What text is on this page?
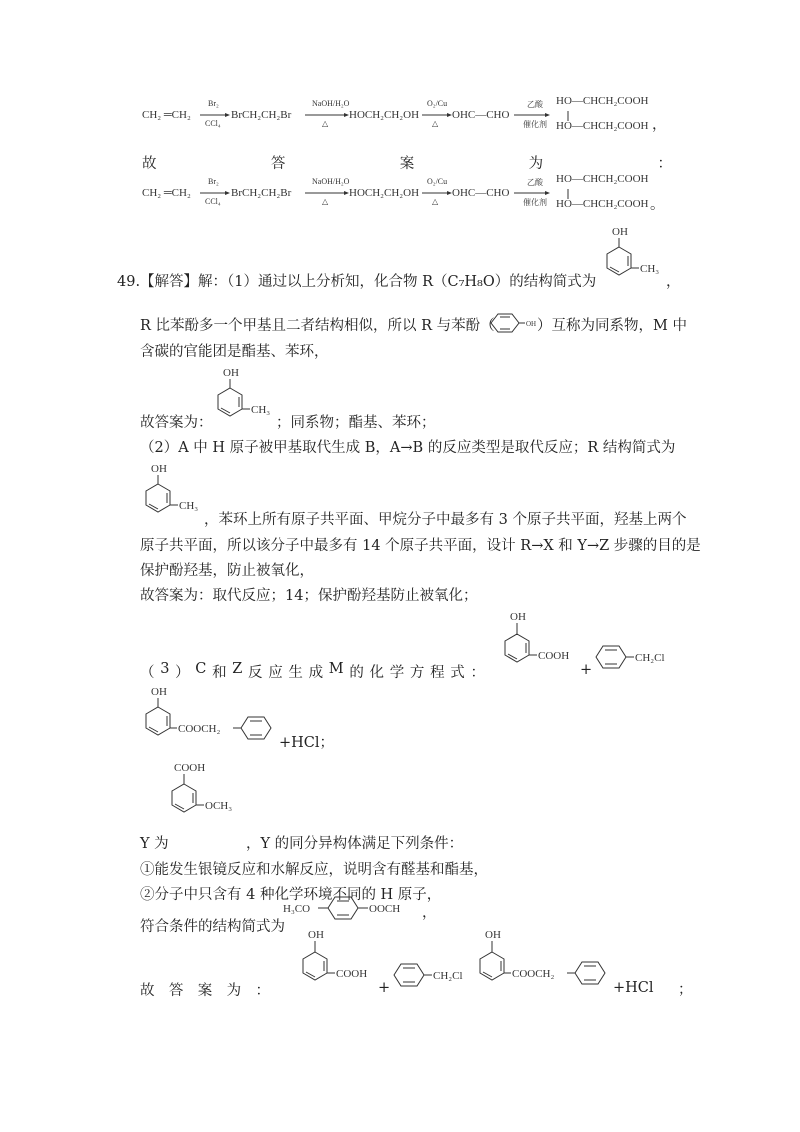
CH₂ ═CH₂
Br₂
CCl₄
BrCH₂CH₂Br
NaOH/H₂O
△
HOCH₂CH₂OH
O₂/Cu
△
OHC—CHO
乙酸
催化剂
HO—CHCH₂COOH
HO—CHCH₂COOH ，
故	答	案	为	：
CH₂ ═CH₂
Br₂
CCl₄
BrCH₂CH₂Br
NaOH/H₂O
△
HOCH₂CH₂OH
O₂/Cu
△
OHC—CHO
乙酸
催化剂
HO—CHCH₂COOH
HO—CHCH₂COOH 。
49. 【解答】解：（1）通过以上分析知，化合物 R（C₇H₈O）的结构简式为
OH
CH₃
，
R 比苯酚多一个甲基且二者结构相似，所以 R 与苯酚（	OH ）互称为同系物，M 中
含碳的官能团是酯基、苯环，
故答案为：
OH
CH₃
；同系物；酯基、苯环；
（2）A 中 H 原子被甲基取代生成 B，A→B 的反应类型是取代反应；R 结构简式为
OH
CH₃
，苯环上所有原子共平面、甲烷分子中最多有 3 个原子共平面，羟基上两个
原子共平面，所以该分子中最多有 14 个原子共平面，设计 R→X 和 Y→Z 步骤的目的是
保护酚羟基，防止被氧化，
故答案为：取代反应；14；保护酚羟基防止被氧化；
（ 3 ） C 和 Z 反 应 生 成 M 的 化 学 方 程 式 ：
OH
COOH
+
CH₂Cl
OH
COOCH₂
+HCl；
Y 为
COOH
OCH₃
，Y 的同分异构体满足下列条件：
①能发生银镜反应和水解反应，说明含有醛基和酯基，
②分子中只含有 4 种化学环境不同的 H 原子，
符合条件的结构简式为
H₃CO	OOCH ，
故 答 案 为 ：
OH
COOH
+
CH₂Cl
OH
COOCH₂
+HCl ；
